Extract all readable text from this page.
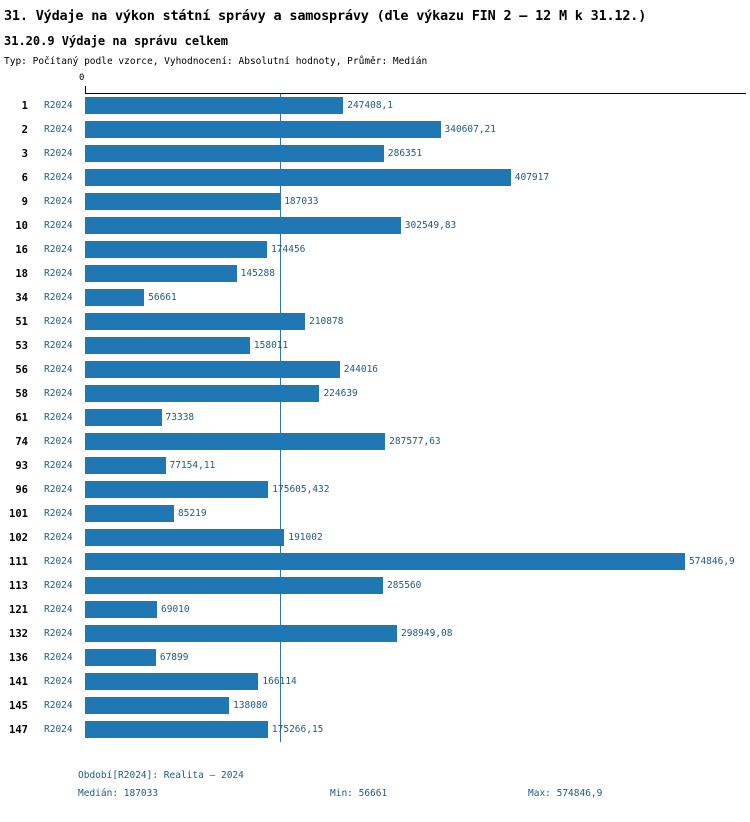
31. Výdaje na výkon státní správy a samosprávy (dle výkazu FIN 2 – 12 M k 31.12.)
31.20.9 Výdaje na správu celkem
Typ: Počítaný podle vzorce, Vyhodnocení: Absolutní hodnoty, Průměr: Medián
0
1 R2024	247408,1
2 R2024	340607,21
3 R2024	286351
6 R2024	407917
9 R2024	187033
10 R2024	302549,83
16 R2024	174456
18 R2024	145288
34 R2024	56661
51 R2024	210878
53 R2024	158011
56 R2024	244016
58 R2024	224639
61 R2024	73338
74 R2024	287577,63
93 R2024	77154,11
96 R2024	175605,432
101 R2024	85219
102 R2024	191002
111 R2024	574846,9
113 R2024	285560
121 R2024	69010
132 R2024	298949,08
136 R2024	67899
141 R2024	166114
145 R2024	138080
147 R2024	175266,15
Období[R2024]: Realita – 2024
Medián: 187033	Min: 56661	Max: 574846,9
